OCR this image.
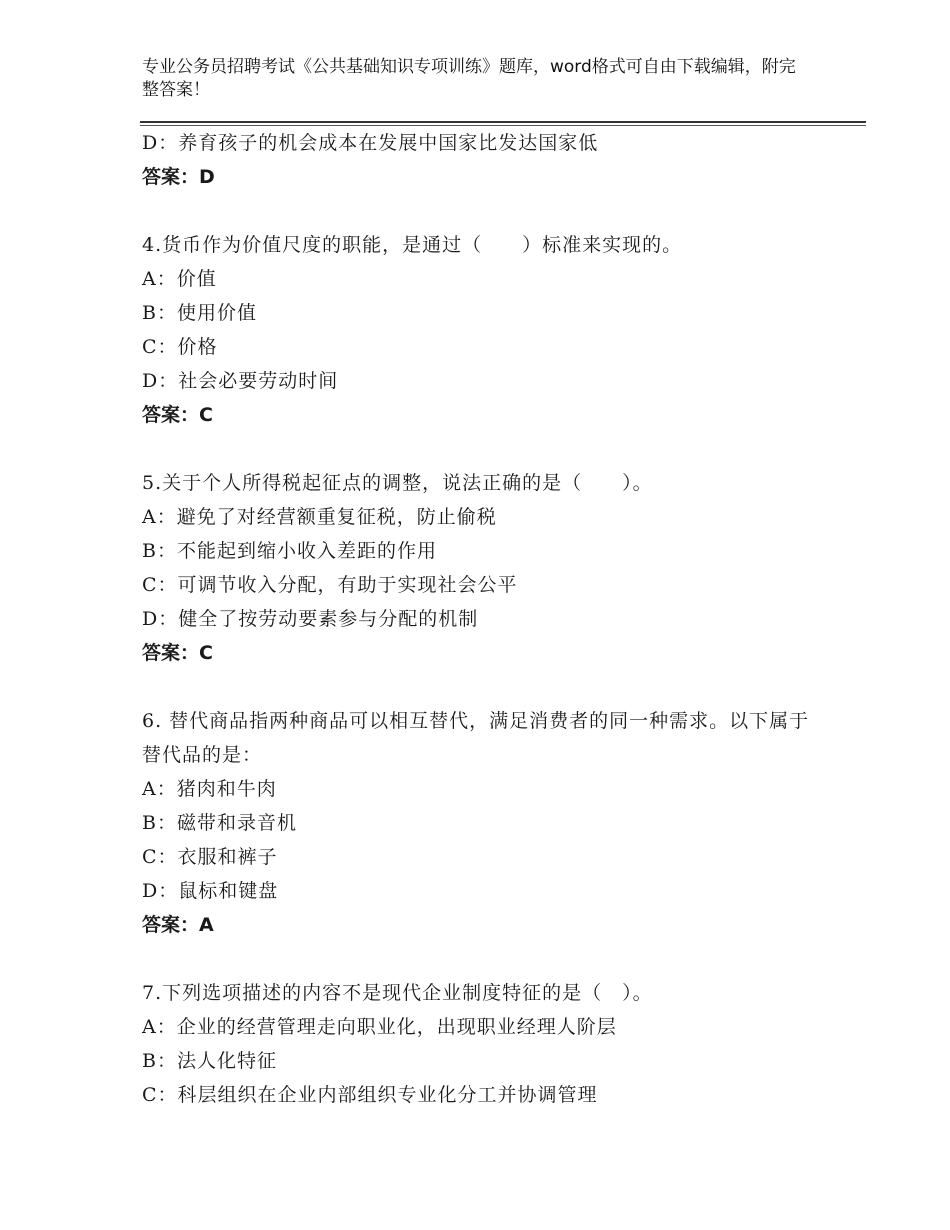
专业公务员招聘考试《公共基础知识专项训练》题库，word格式可自由下载编辑，附完整答案！
D：养育孩子的机会成本在发展中国家比发达国家低
答案：D
4.货币作为价值尺度的职能，是通过（　　）标准来实现的。
A：价值
B：使用价值
C：价格
D：社会必要劳动时间
答案：C
5.关于个人所得税起征点的调整，说法正确的是（　　）。
A：避免了对经营额重复征税，防止偷税
B：不能起到缩小收入差距的作用
C：可调节收入分配，有助于实现社会公平
D：健全了按劳动要素参与分配的机制
答案：C
6. 替代商品指两种商品可以相互替代，满足消费者的同一种需求。以下属于替代品的是：
A：猪肉和牛肉
B：磁带和录音机
C：衣服和裤子
D：鼠标和键盘
答案：A
7.下列选项描述的内容不是现代企业制度特征的是（　）。
A：企业的经营管理走向职业化，出现职业经理人阶层
B：法人化特征
C：科层组织在企业内部组织专业化分工并协调管理
